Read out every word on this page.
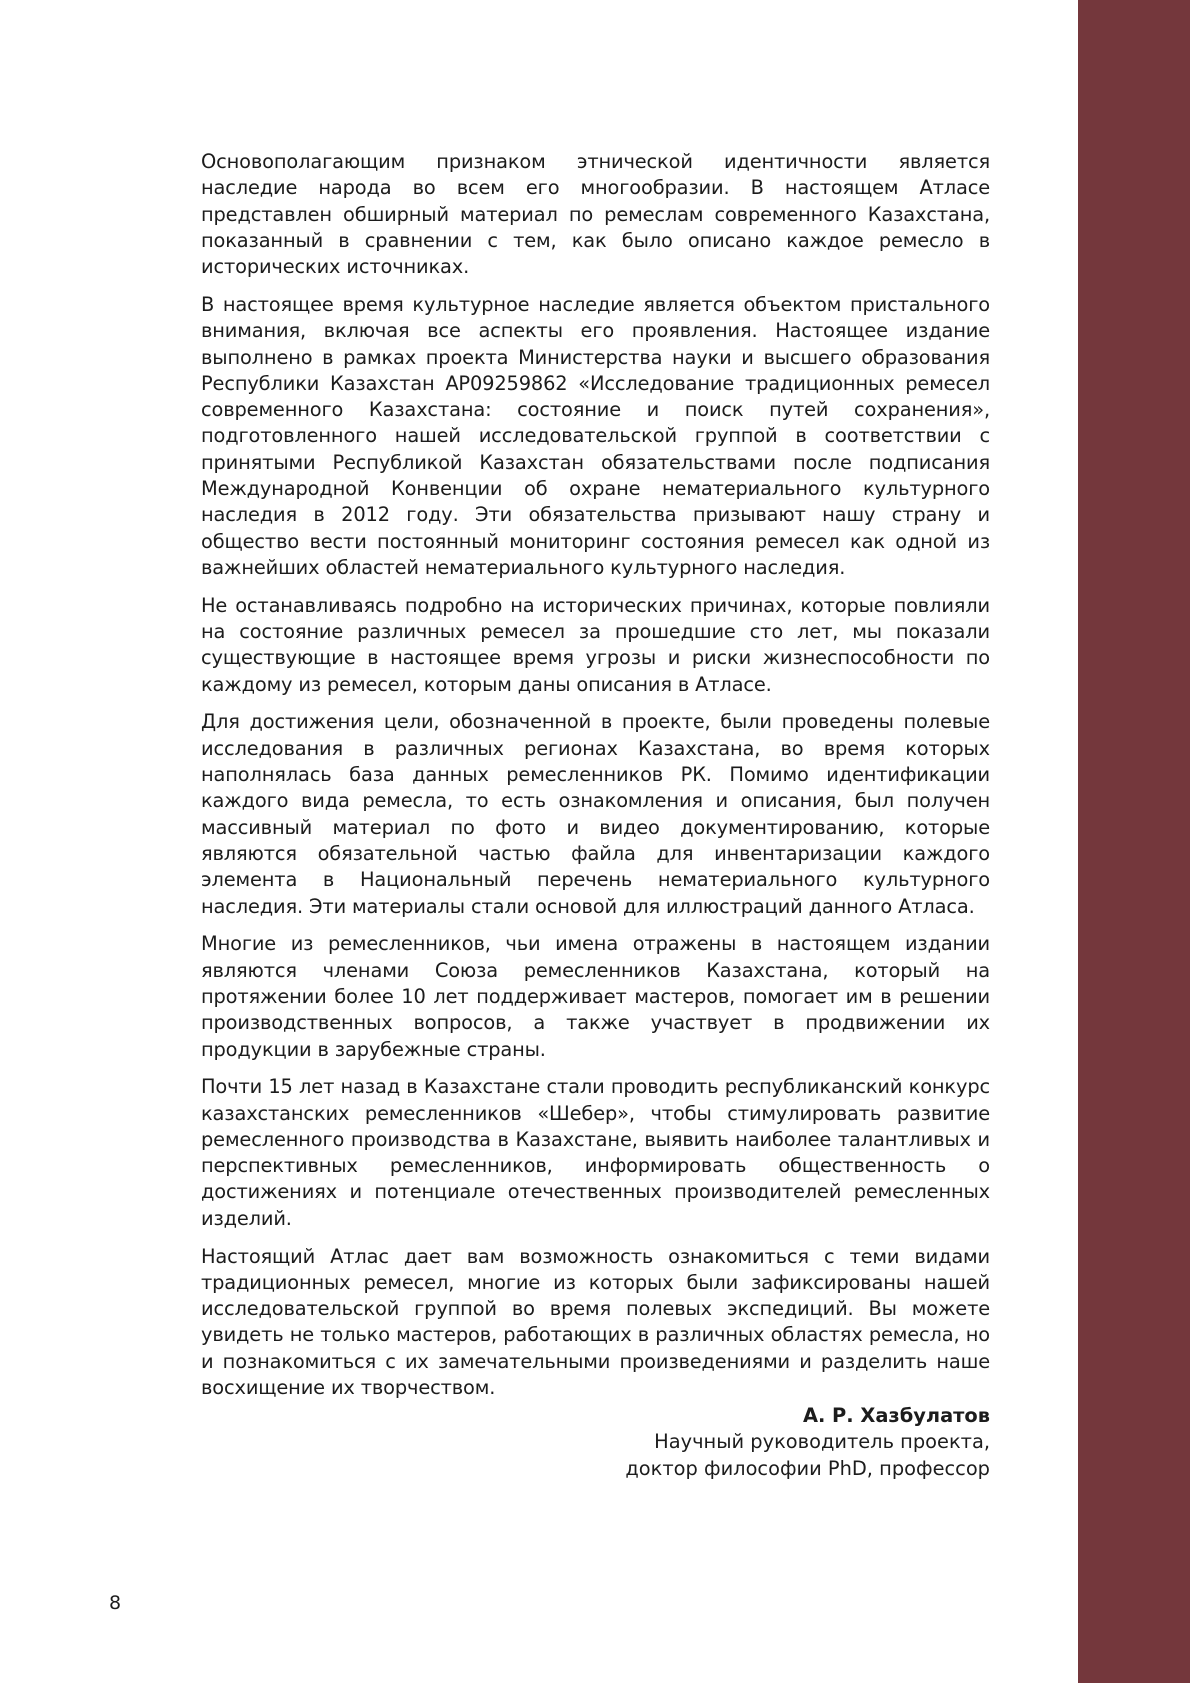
Основополагающим признаком этнической идентичности является наследие народа во всем его многообразии. В настоящем Атласе представлен обширный материал по ремеслам современного Казахстана, показанный в сравнении с тем, как было описано каждое ремесло в исторических источниках.

В настоящее время культурное наследие является объектом пристального внимания, включая все аспекты его проявления. Настоящее издание выполнено в рамках проекта Министерства науки и высшего образования Республики Казахстан AP09259862 «Исследование традиционных ремесел современного Казахстана: состояние и поиск путей сохранения», подготовленного нашей исследовательской группой в соответствии с принятыми Республикой Казахстан обязательствами после подписания Международной Конвенции об охране нематериального культурного наследия в 2012 году. Эти обязательства призывают нашу страну и общество вести постоянный мониторинг состояния ремесел как одной из важнейших областей нематериального культурного наследия.

Не останавливаясь подробно на исторических причинах, которые повлияли на состояние различных ремесел за прошедшие сто лет, мы показали существующие в настоящее время угрозы и риски жизнеспособности по каждому из ремесел, которым даны описания в Атласе.

Для достижения цели, обозначенной в проекте, были проведены полевые исследования в различных регионах Казахстана, во время которых наполнялась база данных ремесленников РК. Помимо идентификации каждого вида ремесла, то есть ознакомления и описания, был получен массивный материал по фото и видео документированию, которые являются обязательной частью файла для инвентаризации каждого элемента в Национальный перечень нематериального культурного наследия. Эти материалы стали основой для иллюстраций данного Атласа.

Многие из ремесленников, чьи имена отражены в настоящем издании являются членами Союза ремесленников Казахстана, который на протяжении более 10 лет поддерживает мастеров, помогает им в решении производственных вопросов, а также участвует в продвижении их продукции в зарубежные страны.

Почти 15 лет назад в Казахстане стали проводить республиканский конкурс казахстанских ремесленников «Шебер», чтобы стимулировать развитие ремесленного производства в Казахстане, выявить наиболее талантливых и перспективных ремесленников, информировать общественность о достижениях и потенциале отечественных производителей ремесленных изделий.

Настоящий Атлас дает вам возможность ознакомиться с теми видами традиционных ремесел, многие из которых были зафиксированы нашей исследовательской группой во время полевых экспедиций. Вы можете увидеть не только мастеров, работающих в различных областях ремесла, но и познакомиться с их замечательными произведениями и разделить наше восхищение их творчеством.

А. Р. Хазбулатов
Научный руководитель проекта,
доктор философии PhD, профессор
8
